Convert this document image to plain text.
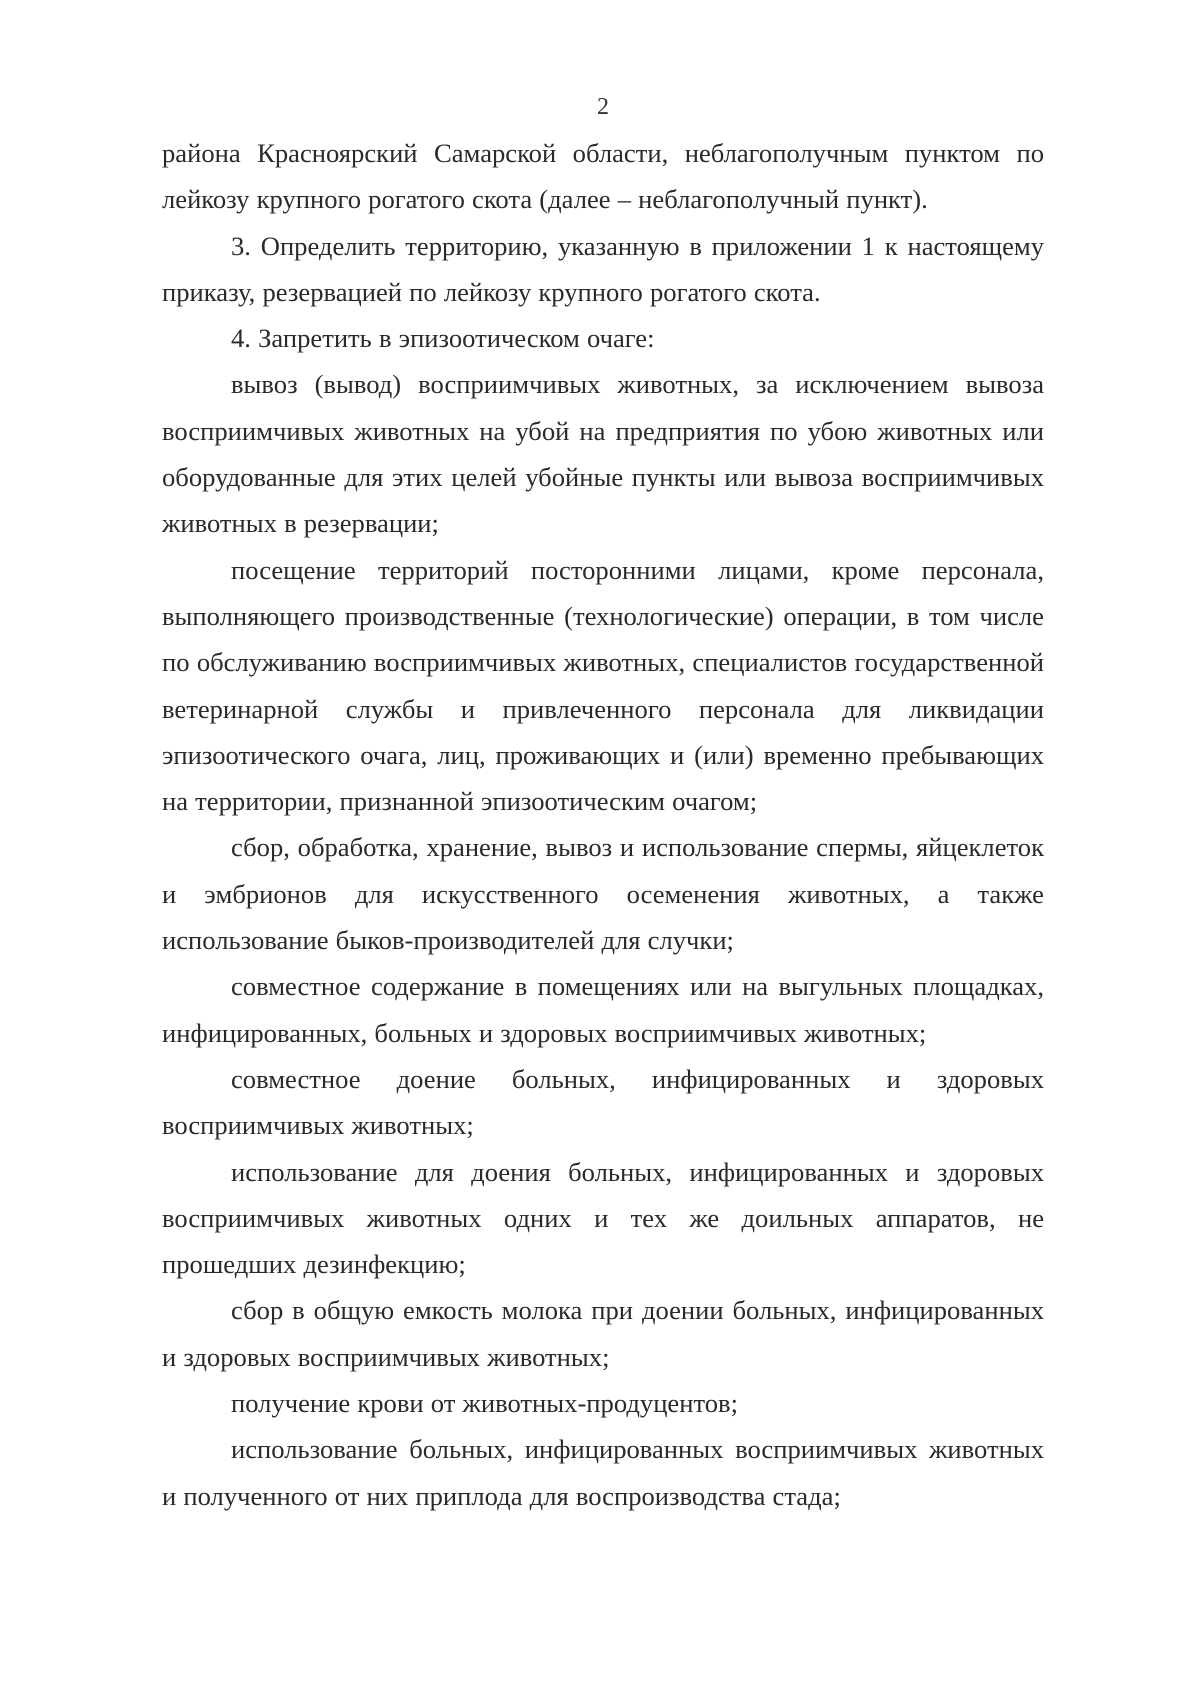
2

района Красноярский Самарской области, неблагополучным пунктом по лейкозу крупного рогатого скота (далее – неблагополучный пункт).

3. Определить территорию, указанную в приложении 1 к настоящему приказу, резервацией по лейкозу крупного рогатого скота.

4. Запретить в эпизоотическом очаге:

вывоз (вывод) восприимчивых животных, за исключением вывоза восприимчивых животных на убой на предприятия по убою животных или оборудованные для этих целей убойные пункты или вывоза восприимчивых животных в резервации;

посещение территорий посторонними лицами, кроме персонала, выполняющего производственные (технологические) операции, в том числе по обслуживанию восприимчивых животных, специалистов государственной ветеринарной службы и привлеченного персонала для ликвидации эпизоотического очага, лиц, проживающих и (или) временно пребывающих на территории, признанной эпизоотическим очагом;

сбор, обработка, хранение, вывоз и использование спермы, яйцеклеток и эмбрионов для искусственного осеменения животных, а также использование быков-производителей для случки;

совместное содержание в помещениях или на выгульных площадках, инфицированных, больных и здоровых восприимчивых животных;

совместное доение больных, инфицированных и здоровых восприимчивых животных;

использование для доения больных, инфицированных и здоровых восприимчивых животных одних и тех же доильных аппаратов, не прошедших дезинфекцию;

сбор в общую емкость молока при доении больных, инфицированных и здоровых восприимчивых животных;

получение крови от животных-продуцентов;

использование больных, инфицированных восприимчивых животных и полученного от них приплода для воспроизводства стада;
